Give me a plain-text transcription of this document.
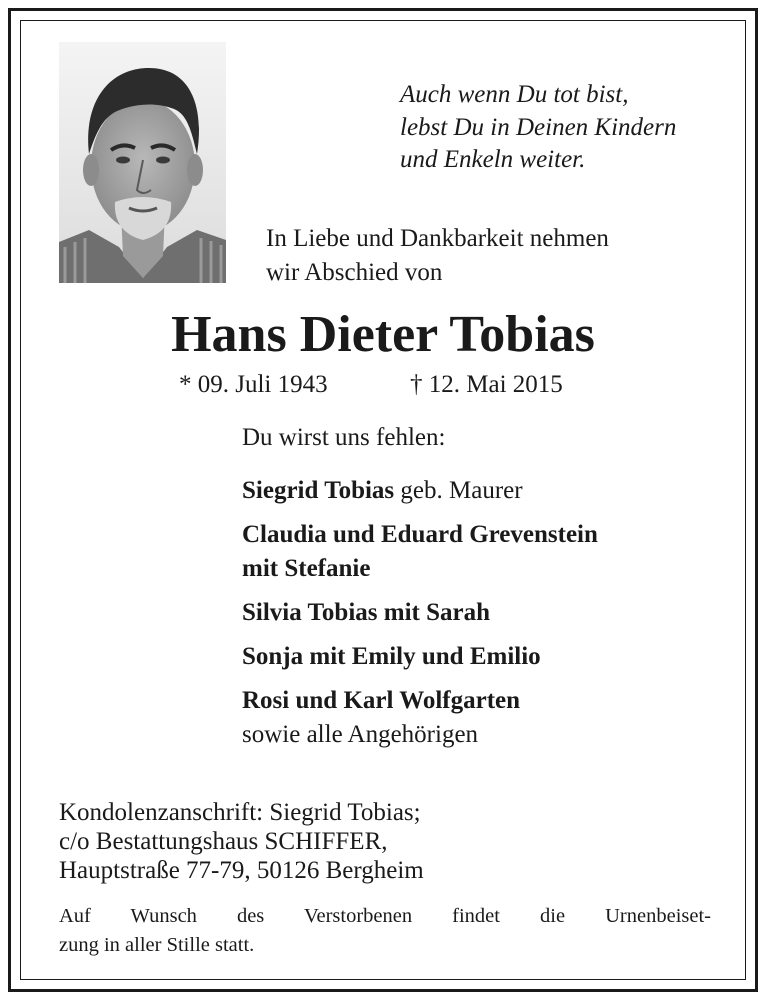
Auch wenn Du tot bist,
lebst Du in Deinen Kindern
und Enkeln weiter.
In Liebe und Dankbarkeit nehmen
wir Abschied von
Hans Dieter Tobias
* 09. Juli 1943	† 12. Mai 2015
Du wirst uns fehlen:
Siegrid Tobias geb. Maurer
Claudia und Eduard Grevenstein
mit Stefanie
Silvia Tobias mit Sarah
Sonja mit Emily und Emilio
Rosi und Karl Wolfgarten
sowie alle Angehörigen
Kondolenzanschrift: Siegrid Tobias;
c/o Bestattungshaus SCHIFFER,
Hauptstraße 77-79, 50126 Bergheim
Auf Wunsch des Verstorbenen findet die Urnenbeiset-
zung in aller Stille statt.
